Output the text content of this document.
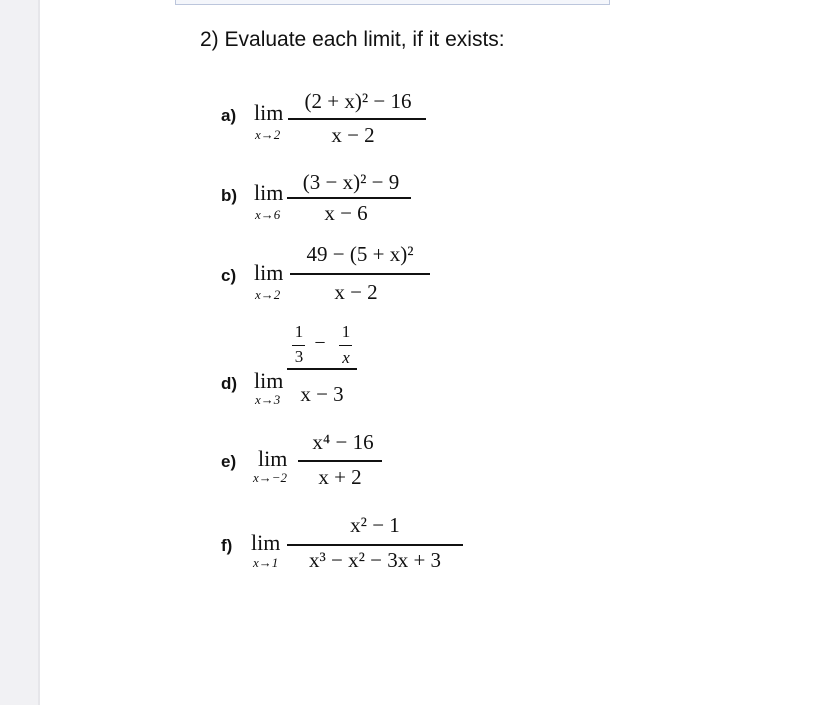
2) Evaluate each limit, if it exists:
a) lim
x→2
(2 + x)² − 16
x − 2
b) lim
x→6
(3 − x)² − 9
x − 6
c) lim
x→2
49 − (5 + x)²
x − 2
d) lim
x→3
1
3
−
1
x
x − 3
e) lim
x→−2
x⁴ − 16
x + 2
f) lim
x→1
x² − 1
x³ − x² − 3x + 3
